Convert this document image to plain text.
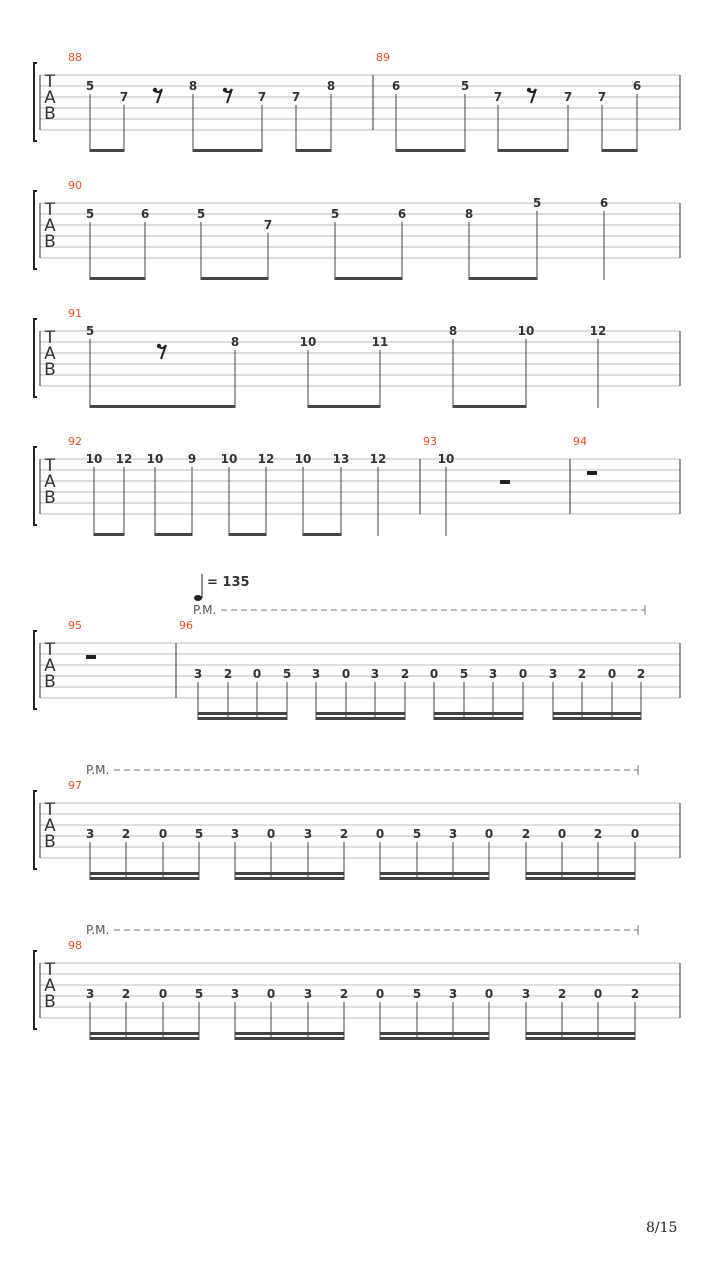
T
A
B
88
5
7
8
7 7
8
89
6	5
7	7 7
6
T
A
B
90
5	6	5
7
5	6	8
5	6
T
A
B
91
5
8	10	11
8	10	12
T
A
B
92
10 12 10 9 10 12 10 13 12
93
10
94
T
A
B
95	96
3 2 0 5 3 0 3 2 0 5 3 0 3 2 0 2
P.M.
T
A
B
97
3 2 0 5 3 0 3 2 0 5 3 0 2 0 2 0
P.M.
T
A
B
98
3 2 0 5 3 0 3 2 0 5 3 0 3 2 0 2
P.M.
= 135
8/15
